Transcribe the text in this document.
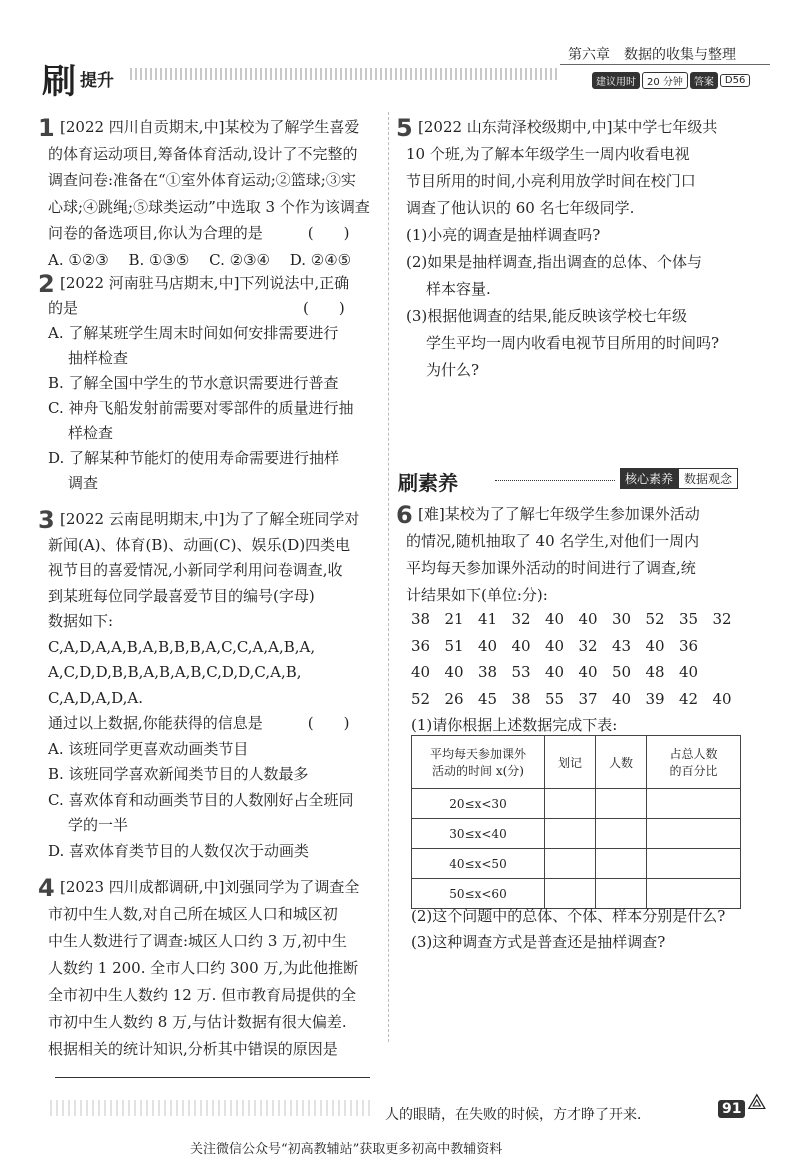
刷 提升
第六章　数据的收集与整理
建议用时	20 分钟	答案	D56
1 [2022 四川自贡期末,中]某校为了解学生喜爱

的体育运动项目,筹备体育活动,设计了不完整的

调查问卷:准备在“①室外体育运动;②篮球;③实

心球;④跳绳;⑤球类运动”中选取 3 个作为该调查

问卷的备选项目,你认为合理的是　　　(　　)

A. ①②③　 B. ①③⑤　 C. ②③④　 D. ②④⑤

2 [2022 河南驻马店期末,中]下列说法中,正确

的是　　　　　　　　　　　　　　　(　　)

A. 了解某班学生周末时间如何安排需要进行

抽样检查

B. 了解全国中学生的节水意识需要进行普查

C. 神舟飞船发射前需要对零部件的质量进行抽

样检查

D. 了解某种节能灯的使用寿命需要进行抽样

调查

3 [2022 云南昆明期末,中]为了了解全班同学对

新闻(A)、体育(B)、动画(C)、娱乐(D)四类电

视节目的喜爱情况,小新同学利用问卷调查,收

到某班每位同学最喜爱节目的编号(字母)

数据如下:

C,A,D,A,A,B,A,B,B,B,A,C,C,A,A,B,A,

A,C,D,D,B,B,A,B,A,B,C,D,D,C,A,B,

C,A,D,A,D,A.

通过以上数据,你能获得的信息是　　　(　　)

A. 该班同学更喜欢动画类节目

B. 该班同学喜欢新闻类节目的人数最多

C. 喜欢体育和动画类节目的人数刚好占全班同

学的一半

D. 喜欢体育类节目的人数仅次于动画类

4 [2023 四川成都调研,中]刘强同学为了调查全

市初中生人数,对自己所在城区人口和城区初

中生人数进行了调查:城区人口约 3 万,初中生

人数约 1 200. 全市人口约 300 万,为此他推断

全市初中生人数约 12 万. 但市教育局提供的全

市初中生人数约 8 万,与估计数据有很大偏差.

根据相关的统计知识,分析其中错误的原因是

5 [2022 山东菏泽校级期中,中]某中学七年级共

10 个班,为了解本年级学生一周内收看电视

节目所用的时间,小亮利用放学时间在校门口

调查了他认识的 60 名七年级同学.

(1)小亮的调查是抽样调查吗?

(2)如果是抽样调查,指出调查的总体、个体与

样本容量.

(3)根据他调查的结果,能反映该学校七年级

学生平均一周内收看电视节目所用的时间吗?

为什么?

6 [难]某校为了了解七年级学生参加课外活动

的情况,随机抽取了 40 名学生,对他们一周内

平均每天参加课外活动的时间进行了调查,统

计结果如下(单位:分):

刷素养	核心素养 数据观念
38 21 41 32 40 40 30 52 35 32
36 51 40 40 40 32 43 40 36
40 40 38 53 40 40 50 48 40
52 26 45 38 55 37 40 39 42 40

(1)请你根据上述数据完成下表:

平均每天参加课外
活动的时间 x(分)	划记	人数	占总人数
的百分比
20≤x<30			
30≤x<40			
40≤x<50			
50≤x<60			

(2)这个问题中的总体、个体、样本分别是什么?

(3)这种调查方式是普查还是抽样调查?

人的眼睛，在失败的时候，方才睁了开来．	91 ⟁
关注微信公众号“初高教辅站”获取更多初高中教辅资料
